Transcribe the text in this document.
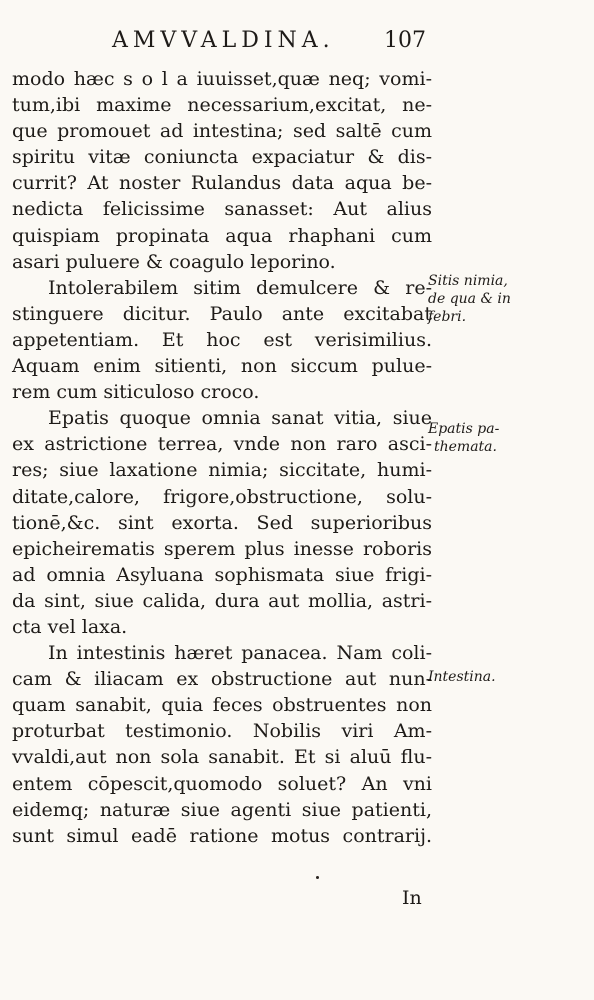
AMVVALDINA. 107
modo hæc s o l a iuuisset,quæ neq; vomi-
tum,ibi maxime necessarium,excitat, ne-
que promouet ad intestina; sed saltē cum
spiritu vitæ coniuncta expaciatur & dis-
currit? At noster Rulandus data aqua be-
nedicta felicissime sanasset: Aut alius
quispiam propinata aqua rhaphani cum
asari puluere & coagulo leporino.
Intolerabilem sitim demulcere & re-
stinguere dicitur. Paulo ante excitabat
appetentiam. Et hoc est verisimilius.
Aquam enim sitienti, non siccum pulue-
rem cum siticuloso croco.
Epatis quoque omnia sanat vitia, siue
ex astrictione terrea, vnde non raro asci-
res; siue laxatione nimia; siccitate, humi-
ditate,calore, frigore,obstructione, solu-
tionē,&c. sint exorta. Sed superioribus
epicheirematis sperem plus inesse roboris
ad omnia Asyluana sophismata siue frigi-
da sint, siue calida, dura aut mollia, astri-
cta vel laxa.
In intestinis hæret panacea. Nam coli-
cam & iliacam ex obstructione aut nun-
quam sanabit, quia feces obstruentes non
proturbat testimonio. Nobilis viri Am-
vvaldi,aut non sola sanabit. Et si aluū flu-
entem cōpescit,quomodo soluet? An vni
eidemq; naturæ siue agenti siue patienti,
sunt simul eadē ratione motus contrarij.
Sitis nimia,
de qua & in
febri.
Epatis pa-
themata.
Intestina.
In
